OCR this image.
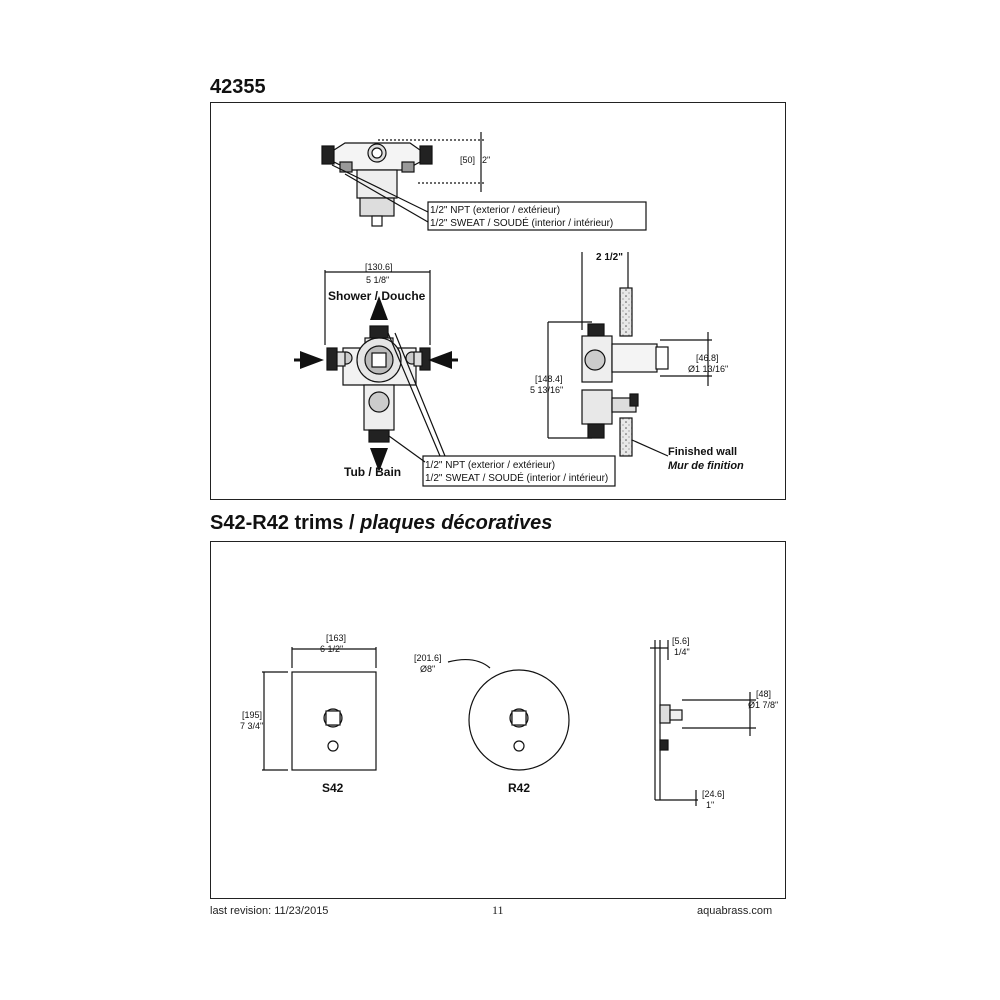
42355
S42-R42 trims / plaques décoratives
[50] 2"
1/2" NPT (exterior / extérieur)
1/2" SWEAT / SOUDÉ (interior / intérieur)
[130.6]
5 1/8"
Shower / Douche
Tub / Bain 1/2" NPT (exterior / extérieur)
1/2" SWEAT / SOUDÉ (interior / intérieur)
2 1/2"
[148.4]
5 13/16"
[46.8]
Ø1 13/16"
Finished wall
Mur de finition
[163]
6 1/2"
[195]
7 3/4"
S42
[201.6]
Ø8"
R42
[5.6]
1/4"
[48]
Ø1 7/8"
[24.6]
1"
last revision: 11/23/2015	11	aquabrass.com
